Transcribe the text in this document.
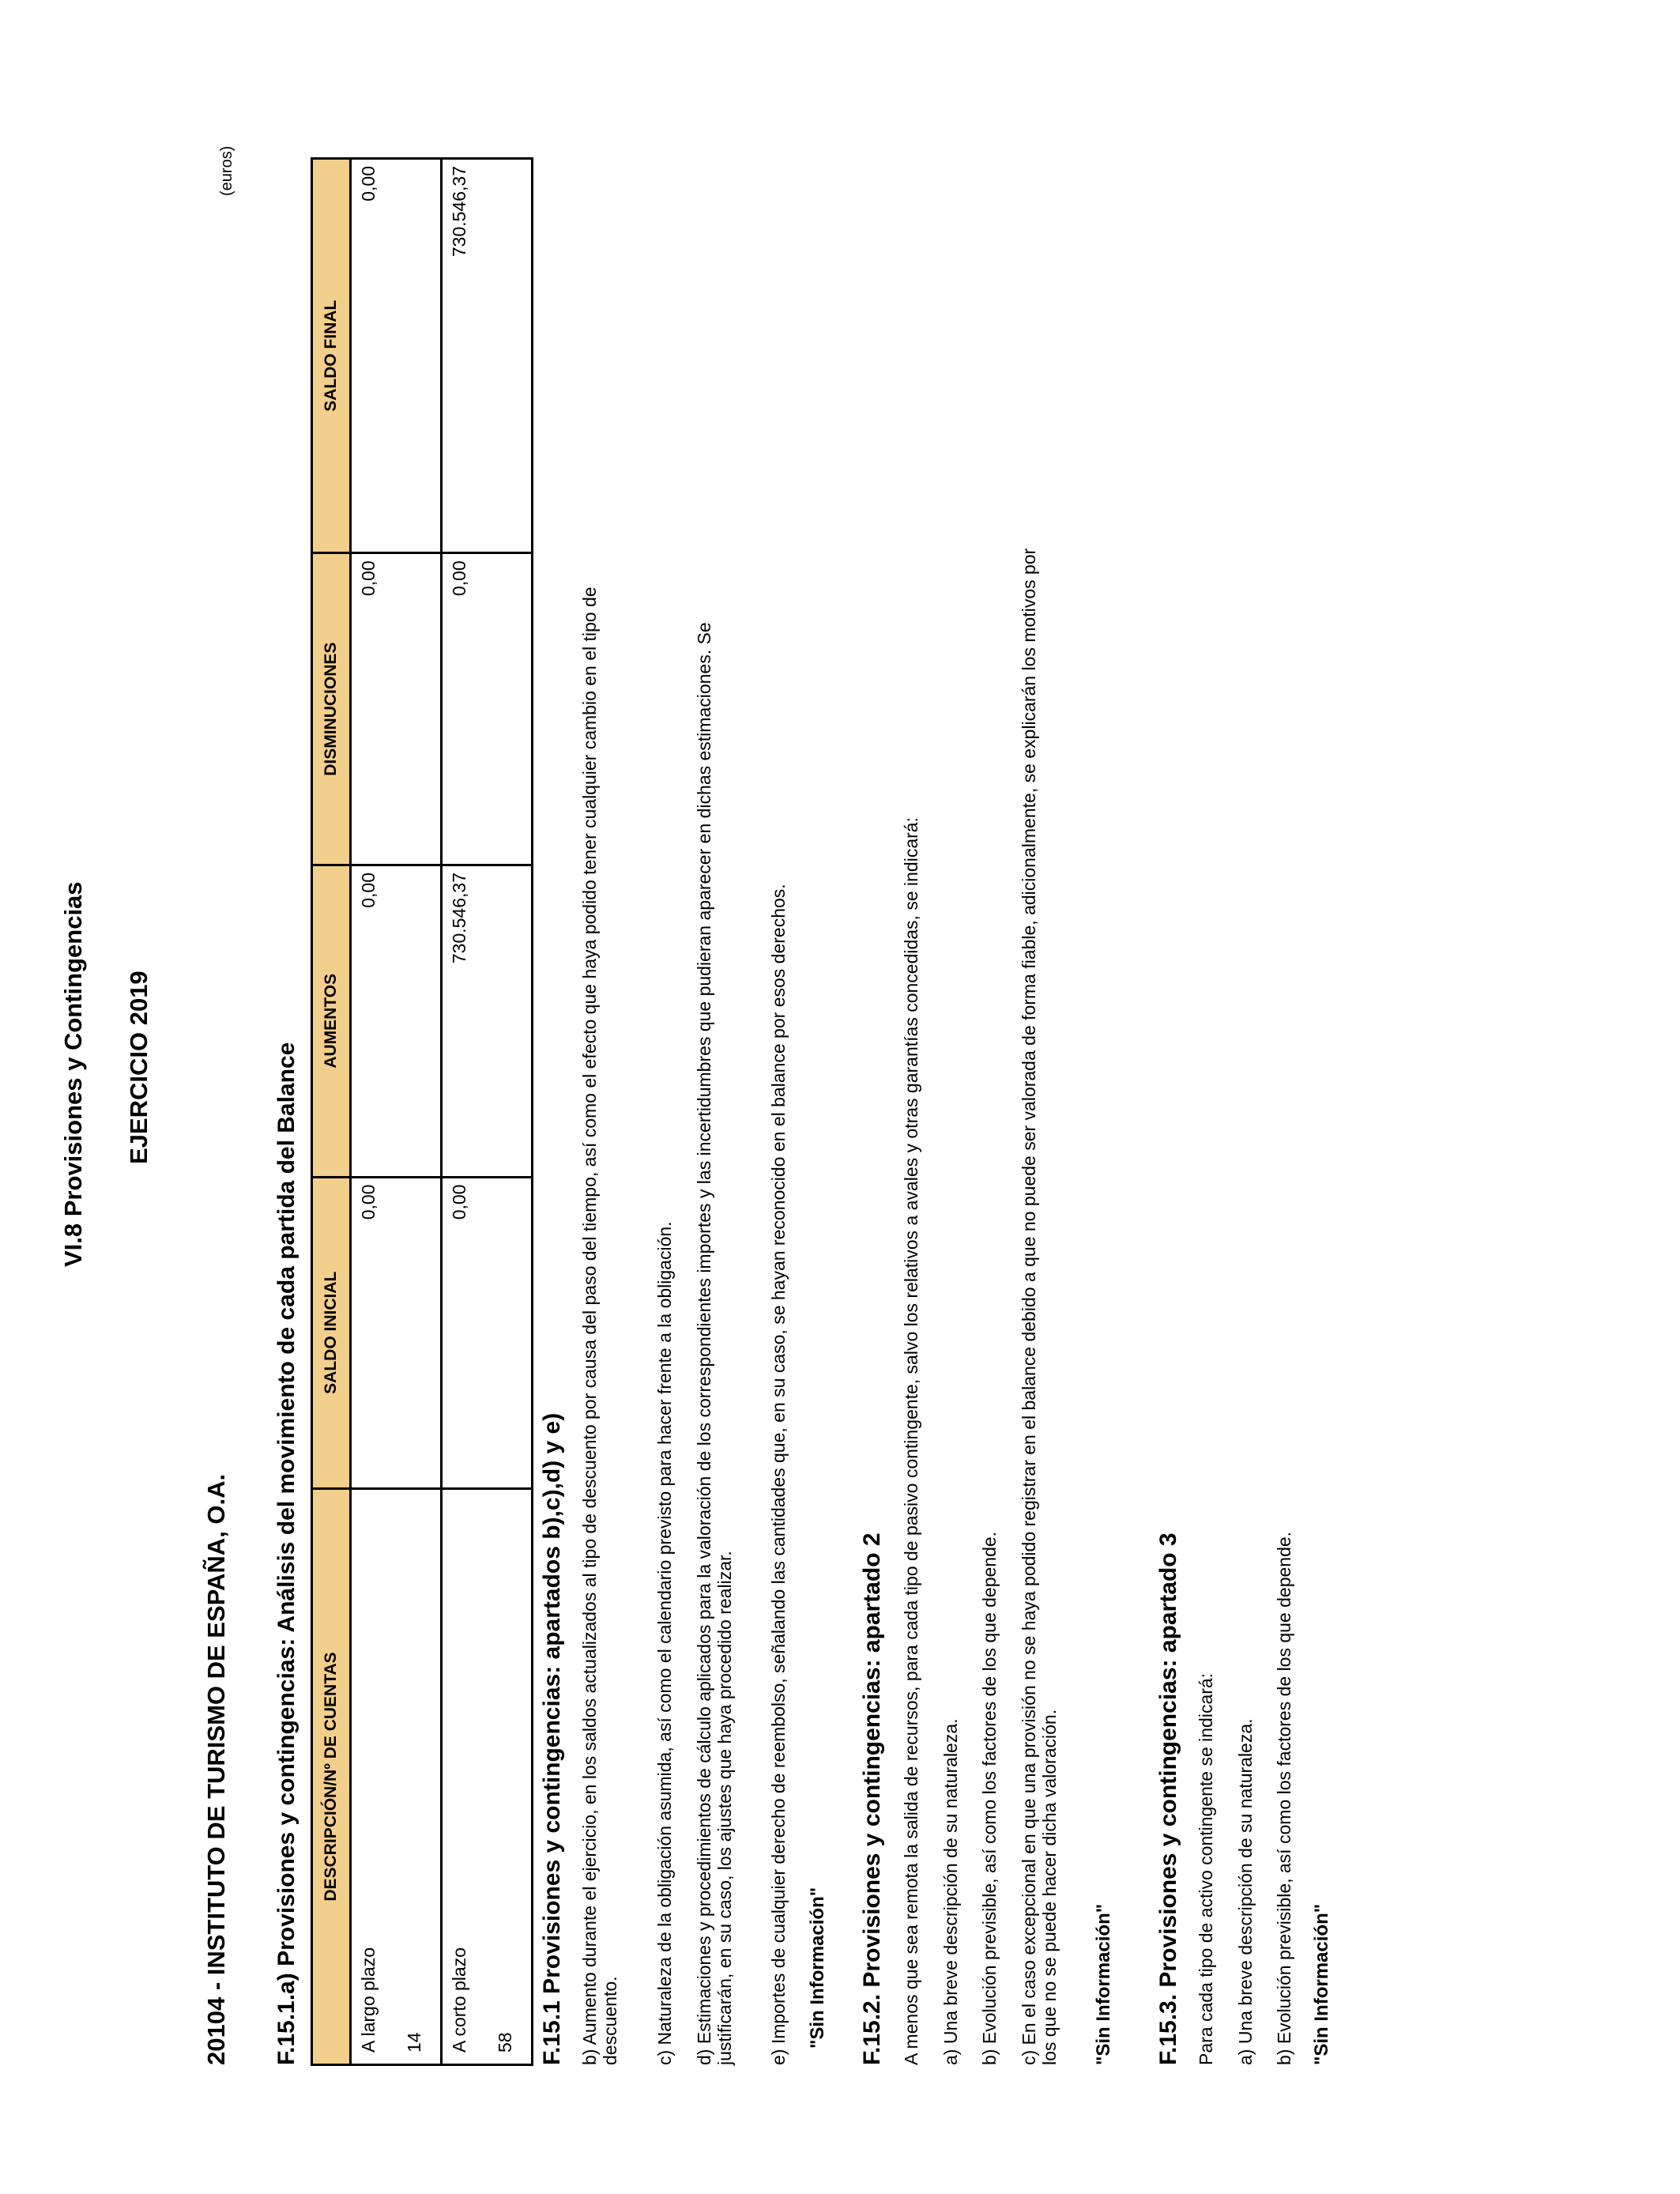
VI.8 Provisiones y Contingencias EJERCICIO 2019
20104 - INSTITUTO DE TURISMO DE ESPAÑA, O.A.
(euros)
F.15.1.a) Provisiones y contingencias: Análisis del movimiento de cada partida del Balance DESCRIPCIÓN/Nº DE CUENTAS	SALDO INICIAL	AUMENTOS	DISMINUCIONES	SALDO FINAL
A largo plazo 14	0,00	0,00	0,00	0,00
A corto plazo 58	0,00	730.546,37	0,00	730.546,37
F.15.1 Provisiones y contingencias: apartados b),c),d) y e) b) Aumento durante el ejercicio, en los saldos actualizados al tipo de descuento por causa del paso del tiempo, así como el efecto que haya podido tener cualquier cambio en el tipo de descuento. c) Naturaleza de la obligación asumida, así como el calendario previsto para hacer frente a la obligación. d) Estimaciones y procedimientos de cálculo aplicados para la valoración de los correspondientes importes y las incertidumbres que pudieran aparecer en dichas estimaciones. Se justificarán, en su caso, los ajustes que haya procedido realizar. e) Importes de cualquier derecho de reembolso, señalando las cantidades que, en su caso, se hayan reconocido en el balance por esos derechos. "Sin Información" F.15.2. Provisiones y contingencias: apartado 2 A menos que sea remota la salida de recursos, para cada tipo de pasivo contingente, salvo los relativos a avales y otras garantías concedidas, se indicará: a) Una breve descripción de su naturaleza. b) Evolución previsible, así como los factores de los que depende. c) En el caso excepcional en que una provisión no se haya podido registrar en el balance debido a que no puede ser valorada de forma fiable, adicionalmente, se explicarán los motivos por los que no se puede hacer dicha valoración. "Sin Información" F.15.3. Provisiones y contingencias: apartado 3 Para cada tipo de activo contingente se indicará: a) Una breve descripción de su naturaleza. b) Evolución previsible, así como los factores de los que depende. "Sin Información"
